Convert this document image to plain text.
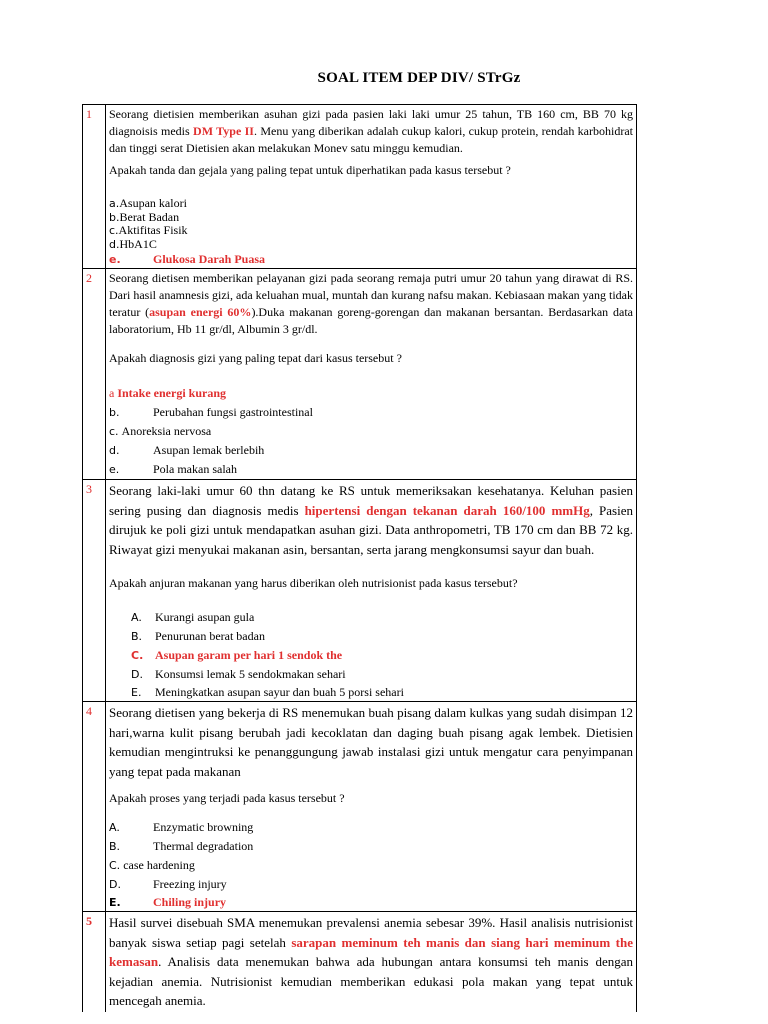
SOAL ITEM DEP DIV/ STrGz
1	Seorang dietisien memberikan asuhan gizi pada pasien laki laki umur 25 tahun, TB 160 cm, BB 70 kg diagnoisis medis DM Type II. Menu yang diberikan adalah cukup kalori, cukup protein, rendah karbohidrat dan tinggi serat Dietisien akan melakukan Monev satu minggu kemudian.

Apakah tanda dan gejala yang paling tepat untuk diperhatikan pada kasus tersebut ?

a. Asupan kalori
b. Berat Badan
c. Aktifitas Fisik
d. HbA1C
e.	Glukosa Darah Puasa
2	Seorang dietisen memberikan pelayanan gizi pada seorang remaja putri umur 20 tahun yang dirawat di RS. Dari hasil anamnesis gizi, ada keluahan mual, muntah dan kurang nafsu makan. Kebiasaan makan yang tidak teratur (asupan energi 60%).Duka makanan goreng-gorengan dan makanan bersantan. Berdasarkan data laboratorium, Hb 11 gr/dl, Albumin 3 gr/dl.

Apakah diagnosis gizi yang paling tepat dari kasus tersebut ?

a
Intake energi kurang
b.	Perubahan fungsi gastrointestinal
c.
Anoreksia nervosa
d.	Asupan lemak berlebih
e.	Pola makan salah
3	Seorang laki-laki umur 60 thn datang ke RS untuk memeriksakan kesehatanya. Keluhan pasien sering pusing dan diagnosis medis hipertensi dengan tekanan darah 160/100 mmHg, Pasien dirujuk ke poli gizi untuk mendapatkan asuhan gizi. Data anthropometri, TB 170 cm dan BB 72 kg. Riwayat gizi menyukai makanan asin, bersantan, serta jarang mengkonsumsi sayur dan buah.

Apakah anjuran makanan yang harus diberikan oleh nutrisionist pada kasus tersebut?

A.	Kurangi asupan gula
B.	Penurunan berat badan
C. Asupan garam per hari 1 sendok the
D.	Konsumsi lemak 5 sendokmakan sehari
E.	Meningkatkan asupan sayur dan buah 5 porsi sehari
4	Seorang dietisen yang bekerja di RS menemukan buah pisang dalam kulkas yang sudah disimpan 12 hari,warna kulit pisang berubah jadi kecoklatan dan daging buah pisang agak lembek. Dietisien kemudian mengintruksi ke penanggungung jawab instalasi gizi untuk mengatur cara penyimpanan yang tepat pada makanan

Apakah proses yang terjadi pada kasus tersebut ?

A.	Enzymatic browning
B.	Thermal degradation
C.
case hardening
D.	Freezing injury
E.	Chiling injury
5	Hasil survei disebuah SMA menemukan prevalensi anemia sebesar 39%. Hasil analisis nutrisionist banyak siswa setiap pagi setelah sarapan meminum teh manis dan siang hari meminum the kemasan. Analisis data menemukan bahwa ada hubungan antara konsumsi teh manis dengan kejadian anemia. Nutrisionist kemudian memberikan edukasi pola makan yang tepat untuk mencegah anemia.
